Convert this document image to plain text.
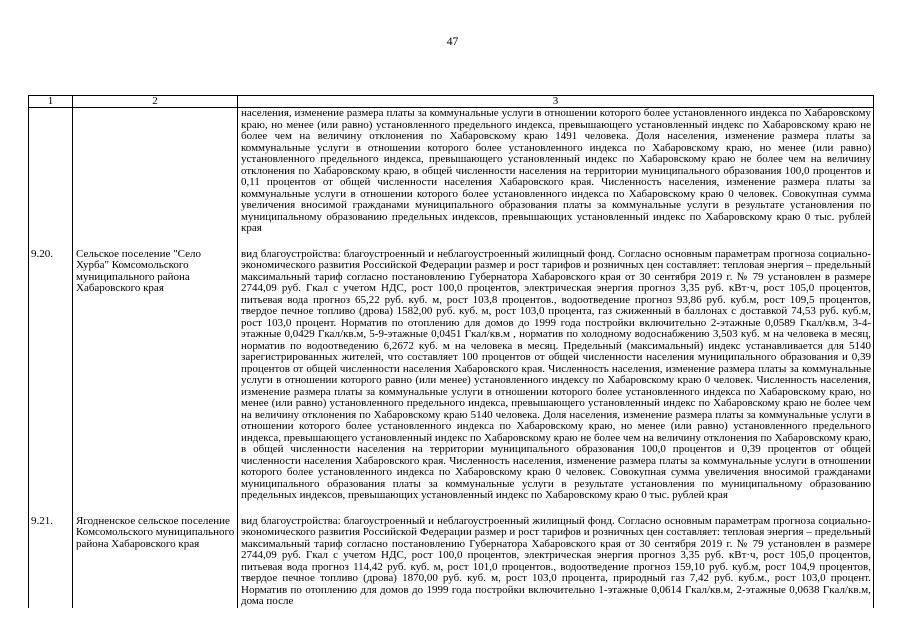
47
1	2	3
		населения, изменение размера платы за коммунальные услуги в отношении которого более установленного индекса по Хабаровскому краю, но менее (или равно) установленного предельного индекса, превышающего установленный индекс по Хабаровскому краю не более чем на величину отклонения по Хабаровскому краю 1491 человека. Доля населения, изменение размера платы за коммунальные услуги в отношении которого более установленного индекса по Хабаровскому краю, но менее (или равно) установленного предельного индекса, превышающего установленный индекс по Хабаровскому краю не более чем на величину отклонения по Хабаровскому краю, в общей численности населения на территории муниципального образования 100,0 процентов и 0,11 процентов от общей численности населения Хабаровского края. Численность населения, изменение размера платы за коммунальные услуги в отношении которого более установленного индекса по Хабаровскому краю 0 человек. Совокупная сумма увеличения вносимой гражданами муниципального образования платы за коммунальные услуги в результате установления по муниципальному образованию предельных индексов, превышающих установленный индекс по Хабаровскому краю 0 тыс. рублей края

9.20.	Сельское поселение "Село Хурба" Комсомольского муниципального района Хабаровского края	вид благоустройства: благоустроенный и неблагоустроенный жилищный фонд. Согласно основным параметрам прогноза социально-экономического развития Российской Федерации размер и рост тарифов и розничных цен составляет: тепловая энергия – предельный максимальный тариф согласно постановлению Губернатора Хабаровского края от 30 сентября 2019 г. № 79 установлен в размере 2744,09 руб. Гкал с учетом НДС, рост 100,0 процентов, электрическая энергия прогноз 3,35 руб. кВт·ч, рост 105,0 процентов, питьевая вода прогноз 65,22 руб. куб. м, рост 103,8 процентов., водоотведение прогноз 93,86 руб. куб.м, рост 109,5 процентов, твердое печное топливо (дрова) 1582,00 руб. куб. м, рост 103,0 процента, газ сжиженный в баллонах с доставкой 74,53 руб. куб.м, рост 103,0 процент. Норматив по отоплению для домов до 1999 года постройки включительно 2-этажные 0,0589 Гкал/кв.м, 3-4-этажные 0,0429 Гкал/кв.м, 5-9-этажные 0,0451 Гкал/кв.м , норматив по холодному водоснабжению 3,503 куб. м на человека в месяц, норматив по водоотведению 6,2672 куб. м на человека в месяц. Предельный (максимальный) индекс устанавливается для 5140 зарегистрированных жителей, что составляет 100 процентов от общей численности населения муниципального образования и 0,39 процентов от общей численности населения Хабаровского края. Численность населения, изменение размера платы за коммунальные услуги в отношении которого равно (или менее) установленного индексу по Хабаровскому краю 0 человек. Численность населения, изменение размера платы за коммунальные услуги в отношении которого более установленного индекса по Хабаровскому краю, но менее (или равно) установленного предельного индекса, превышающего установленный индекс по Хабаровскому краю не более чем на величину отклонения по Хабаровскому краю 5140 человека. Доля населения, изменение размера платы за коммунальные услуги в отношении которого более установленного индекса по Хабаровскому краю, но менее (или равно) установленного предельного индекса, превышающего установленный индекс по Хабаровскому краю не более чем на величину отклонения по Хабаровскому краю, в общей численности населения на территории муниципального образования 100,0 процентов и 0,39 процентов от общей численности населения Хабаровского края. Численность населения, изменение размера платы за коммунальные услуги в отношении которого более установленного индекса по Хабаровскому краю 0 человек. Совокупная сумма увеличения вносимой гражданами муниципального образования платы за коммунальные услуги в результате установления по муниципальному образованию предельных индексов, превышающих установленный индекс по Хабаровскому краю 0 тыс. рублей края

9.21.	Ягодненское сельское поселение Комсомольского муниципального района Хабаровского края	вид благоустройства: благоустроенный и неблагоустроенный жилищный фонд. Согласно основным параметрам прогноза социально-экономического развития Российской Федерации размер и рост тарифов и розничных цен составляет: тепловая энергия – предельный максимальный тариф согласно постановлению Губернатора Хабаровского края от 30 сентября 2019 г. № 79 установлен в размере 2744,09 руб. Гкал с учетом НДС, рост 100,0 процентов, электрическая энергия прогноз 3,35 руб. кВт·ч, рост 105,0 процентов, питьевая вода прогноз 114,42 руб. куб. м, рост 101,0 процентов., водоотведение прогноз 159,10 руб. куб.м, рост 104,9 процентов, твердое печное топливо (дрова) 1870,00 руб. куб. м, рост 103,0 процента, природный газ 7,42 руб. куб.м., рост 103,0 процент. Норматив по отоплению для домов до 1999 года постройки включительно 1-этажные 0,0614 Гкал/кв.м, 2-этажные 0,0638 Гкал/кв.м, дома после
